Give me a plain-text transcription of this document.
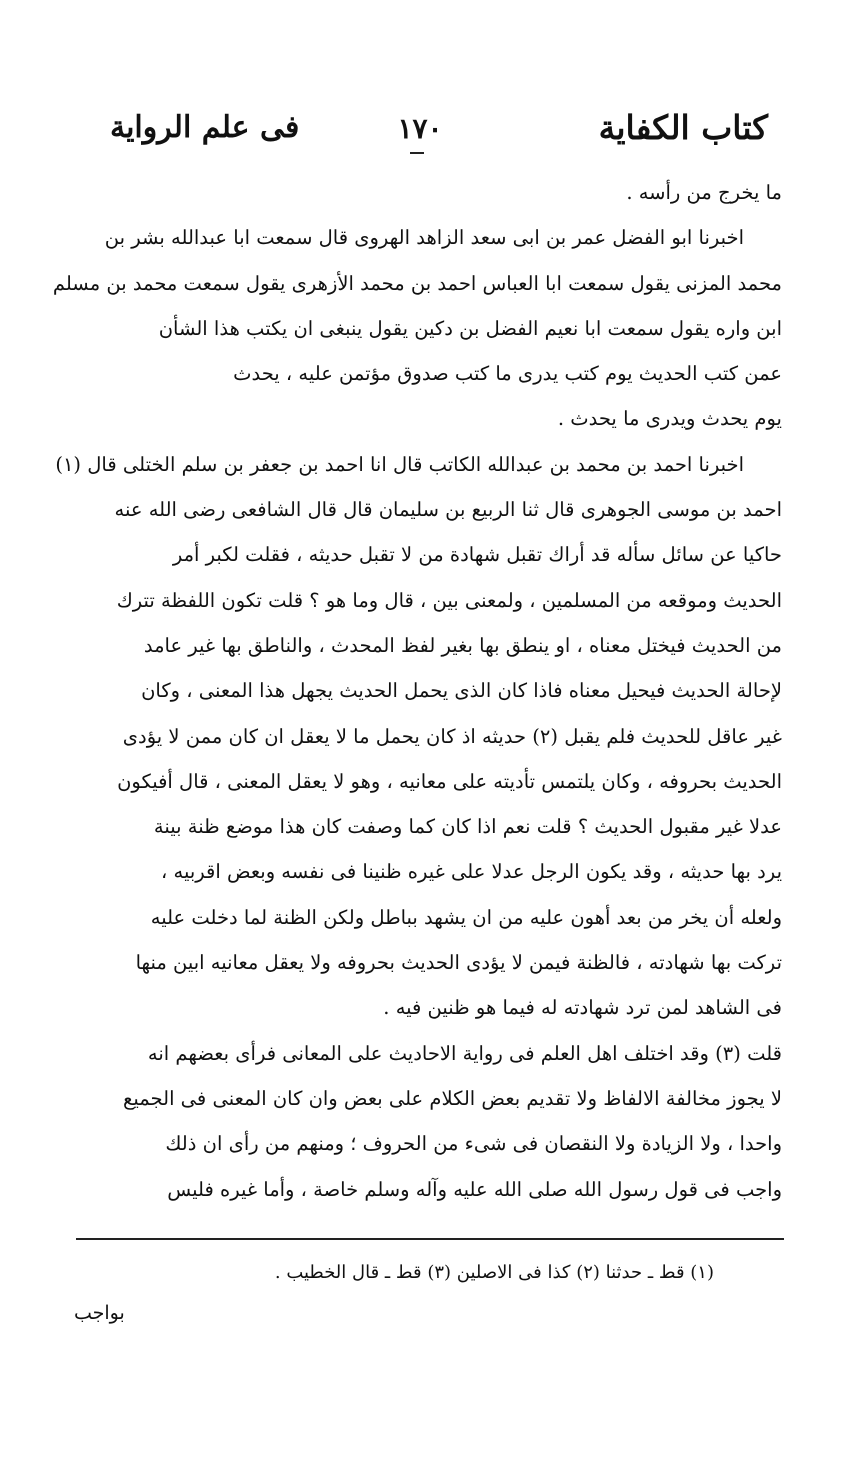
كتاب الكفاية
١٧٠
فى علم الرواية
ما يخرج من رأسه .
اخبرنا ابو الفضل عمر بن ابى سعد الزاهد الهروى قال سمعت ابا عبدالله بشر بن
محمد المزنى يقول سمعت ابا العباس احمد بن محمد الأزهرى يقول سمعت محمد بن مسلم
ابن واره يقول سمعت ابا نعيم الفضل بن دكين يقول ينبغى ان يكتب هذا الشأن
عمن كتب الحديث يوم كتب يدرى ما كتب صدوق مؤتمن عليه ، يحدث
يوم يحدث ويدرى ما يحدث .
اخبرنا احمد بن محمد بن عبدالله الكاتب قال انا احمد بن جعفر بن سلم الختلى قال (١)
احمد بن موسى الجوهرى قال ثنا الربيع بن سليمان قال قال الشافعى رضى الله عنه
حاكيا عن سائل سأله قد أراك تقبل شهادة من لا تقبل حديثه ، فقلت لكبر أمر
الحديث وموقعه من المسلمين ، ولمعنى بين ، قال وما هو ؟ قلت تكون اللفظة تترك
من الحديث فيختل معناه ، او ينطق بها بغير لفظ المحدث ، والناطق بها غير عامد
لإحالة الحديث فيحيل معناه فاذا كان الذى يحمل الحديث يجهل هذا المعنى ، وكان
غير عاقل للحديث فلم يقبل (٢) حديثه اذ كان يحمل ما لا يعقل ان كان ممن لا يؤدى
الحديث بحروفه ، وكان يلتمس تأديته على معانيه ، وهو لا يعقل المعنى ، قال أفيكون
عدلا غير مقبول الحديث ؟ قلت نعم اذا كان كما وصفت كان هذا موضع ظنة بينة
يرد بها حديثه ، وقد يكون الرجل عدلا على غيره ظنينا فى نفسه وبعض اقربيه ،
ولعله أن يخر من بعد أهون عليه من ان يشهد بباطل ولكن الظنة لما دخلت عليه
تركت بها شهادته ، فالظنة فيمن لا يؤدى الحديث بحروفه ولا يعقل معانيه ابين منها
فى الشاهد لمن ترد شهادته له فيما هو ظنين فيه .
قلت (٣) وقد اختلف اهل العلم فى رواية الاحاديث على المعانى فرأى بعضهم انه
لا يجوز مخالفة الالفاظ ولا تقديم بعض الكلام على بعض وان كان المعنى فى الجميع
واحدا ، ولا الزيادة ولا النقصان فى شىء من الحروف ؛ ومنهم من رأى ان ذلك
واجب فى قول رسول الله صلى الله عليه وآله وسلم خاصة ، وأما غيره فليس
(١) قط ـ حدثنا (٢) كذا فى الاصلين (٣) قط ـ قال الخطيب .
بواجب
